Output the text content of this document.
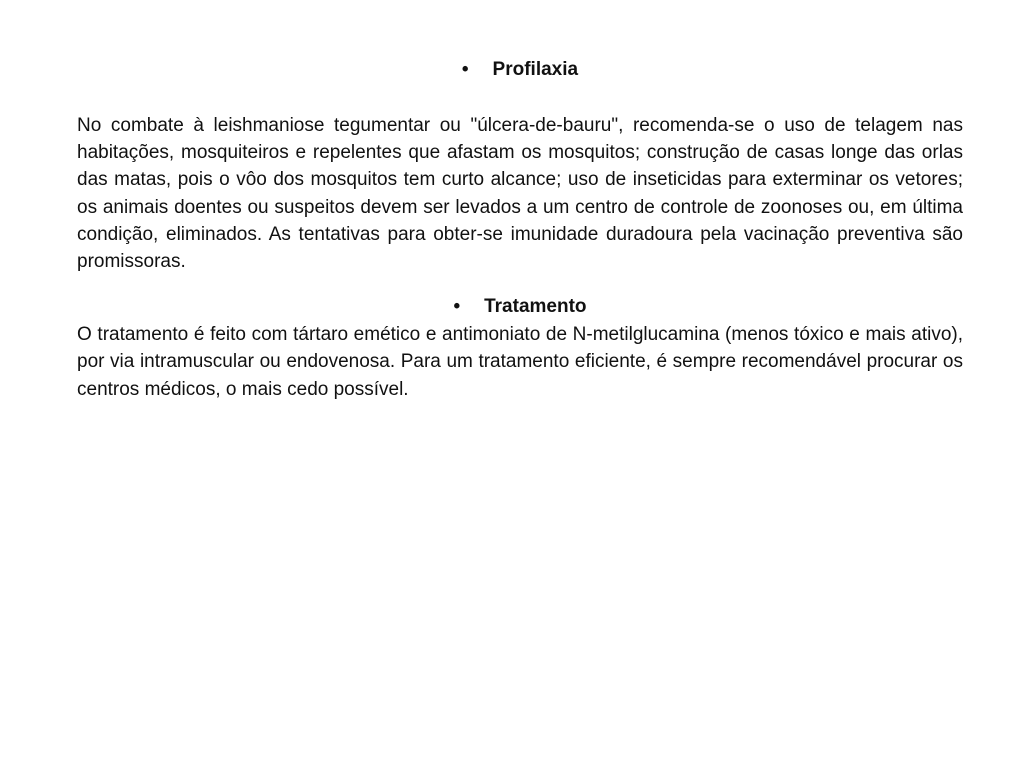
• Profilaxia

No combate à leishmaniose tegumentar ou "úlcera-de-bauru", recomenda-se o uso de telagem nas habitações, mosquiteiros e repelentes que afastam os mosquitos; construção de casas longe das orlas das matas, pois o vôo dos mosquitos tem curto alcance; uso de inseticidas para exterminar os vetores; os animais doentes ou suspeitos devem ser levados a um centro de controle de zoonoses ou, em última condição, eliminados. As tentativas para obter-se imunidade duradoura pela vacinação preventiva são promissoras.

• Tratamento

O tratamento é feito com tártaro emético e antimoniato de N-metilglucamina (menos tóxico e mais ativo), por via intramuscular ou endovenosa. Para um tratamento eficiente, é sempre recomendável procurar os centros médicos, o mais cedo possível.
